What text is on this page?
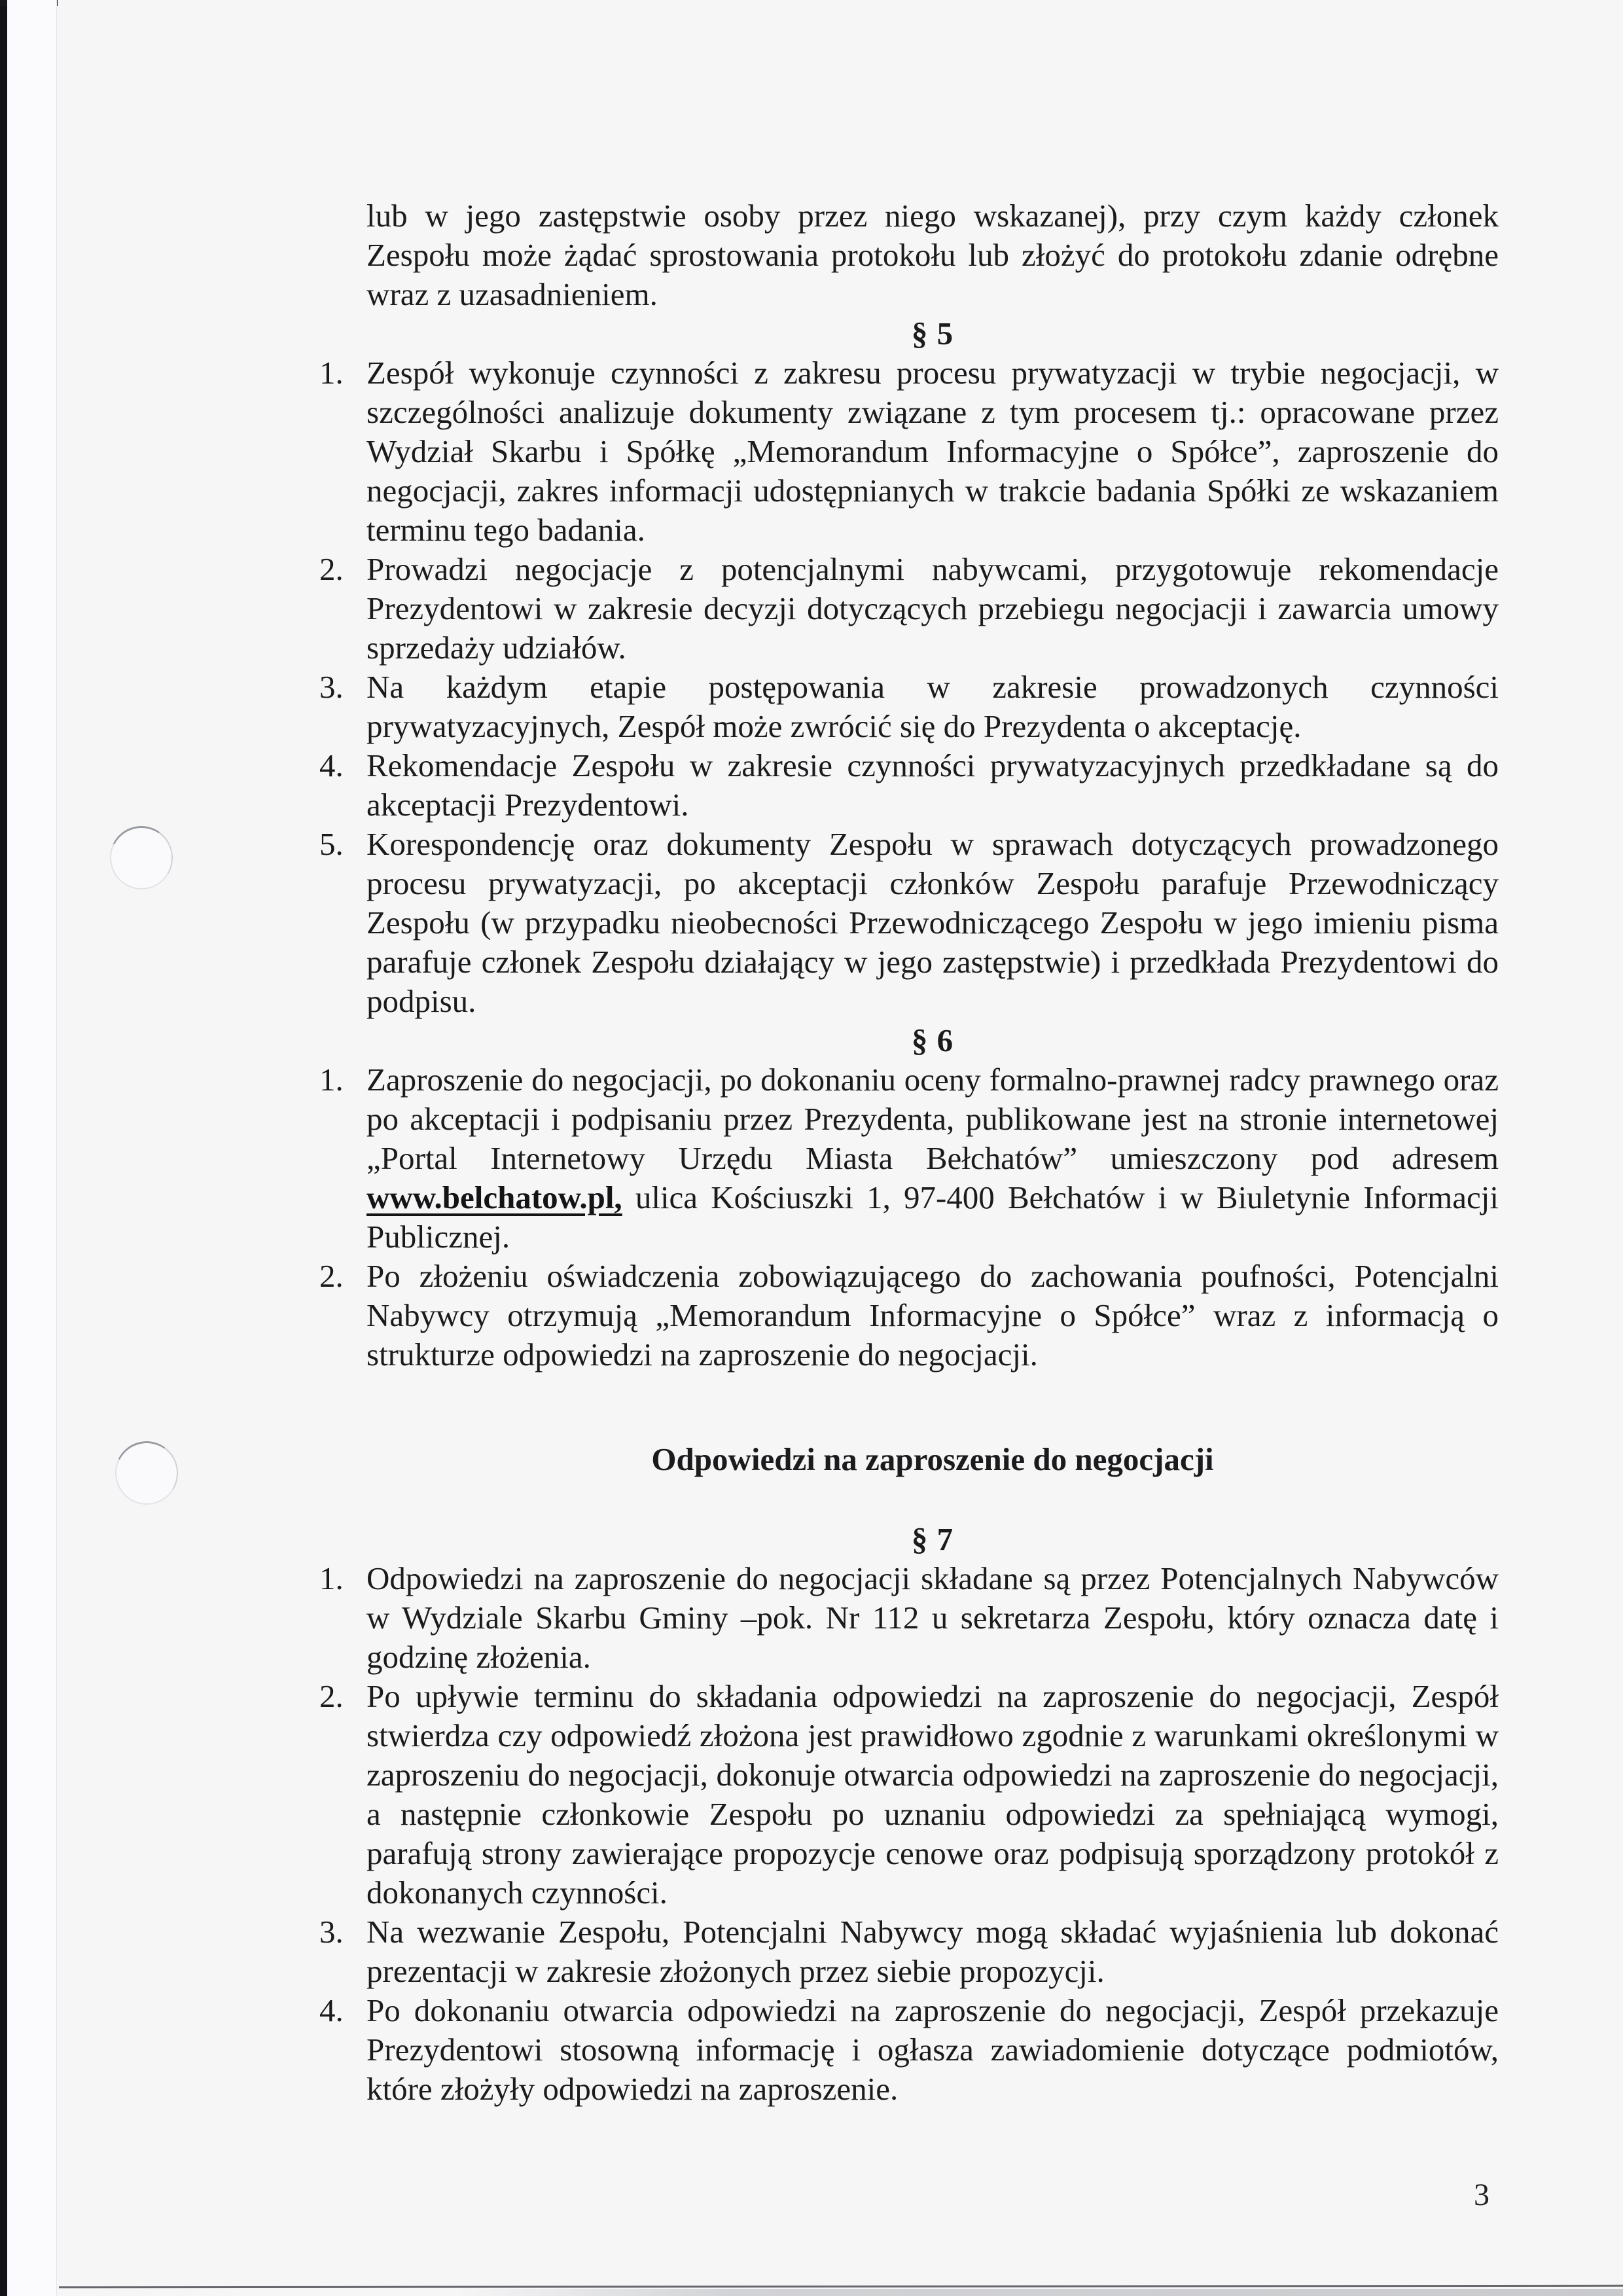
lub w jego zastępstwie osoby przez niego wskazanej), przy czym każdy członek Zespołu może żądać sprostowania protokołu lub złożyć do protokołu zdanie odrębne wraz z uzasadnieniem.

§ 5

1. Zespół wykonuje czynności z zakresu procesu prywatyzacji w trybie negocjacji, w szczególności analizuje dokumenty związane z tym procesem tj.: opracowane przez Wydział Skarbu i Spółkę „Memorandum Informacyjne o Spółce”, zaproszenie do negocjacji, zakres informacji udostępnianych w trakcie badania Spółki ze wskazaniem terminu tego badania.
2. Prowadzi negocjacje z potencjalnymi nabywcami, przygotowuje rekomendacje Prezydentowi w zakresie decyzji dotyczących przebiegu negocjacji i zawarcia umowy sprzedaży udziałów.
3. Na każdym etapie postępowania w zakresie prowadzonych czynności prywatyzacyjnych, Zespół może zwrócić się do Prezydenta o akceptację.
4. Rekomendacje Zespołu w zakresie czynności prywatyzacyjnych przedkładane są do akceptacji Prezydentowi.
5. Korespondencję oraz dokumenty Zespołu w sprawach dotyczących prowadzonego procesu prywatyzacji, po akceptacji członków Zespołu parafuje Przewodniczący Zespołu (w przypadku nieobecności Przewodniczącego Zespołu w jego imieniu pisma parafuje członek Zespołu działający w jego zastępstwie) i przedkłada Prezydentowi do podpisu.

§ 6

1. Zaproszenie do negocjacji, po dokonaniu oceny formalno-prawnej radcy prawnego oraz po akceptacji i podpisaniu przez Prezydenta, publikowane jest na stronie internetowej „Portal Internetowy Urzędu Miasta Bełchatów” umieszczony pod adresem www.belchatow.pl, ulica Kościuszki 1, 97-400 Bełchatów i w Biuletynie Informacji Publicznej.
2. Po złożeniu oświadczenia zobowiązującego do zachowania poufności, Potencjalni Nabywcy otrzymują „Memorandum Informacyjne o Spółce” wraz z informacją o strukturze odpowiedzi na zaproszenie do negocjacji.

Odpowiedzi na zaproszenie do negocjacji

§ 7

1. Odpowiedzi na zaproszenie do negocjacji składane są przez Potencjalnych Nabywców w Wydziale Skarbu Gminy –pok. Nr 112 u sekretarza Zespołu, który oznacza datę i godzinę złożenia.
2. Po upływie terminu do składania odpowiedzi na zaproszenie do negocjacji, Zespół stwierdza czy odpowiedź złożona jest prawidłowo zgodnie z warunkami określonymi w zaproszeniu do negocjacji, dokonuje otwarcia odpowiedzi na zaproszenie do negocjacji, a następnie członkowie Zespołu po uznaniu odpowiedzi za spełniającą wymogi, parafują strony zawierające propozycje cenowe oraz podpisują sporządzony protokół z dokonanych czynności.
3. Na wezwanie Zespołu, Potencjalni Nabywcy mogą składać wyjaśnienia lub dokonać prezentacji w zakresie złożonych przez siebie propozycji.
4. Po dokonaniu otwarcia odpowiedzi na zaproszenie do negocjacji, Zespół przekazuje Prezydentowi stosowną informację i ogłasza zawiadomienie dotyczące podmiotów, które złożyły odpowiedzi na zaproszenie.
3
